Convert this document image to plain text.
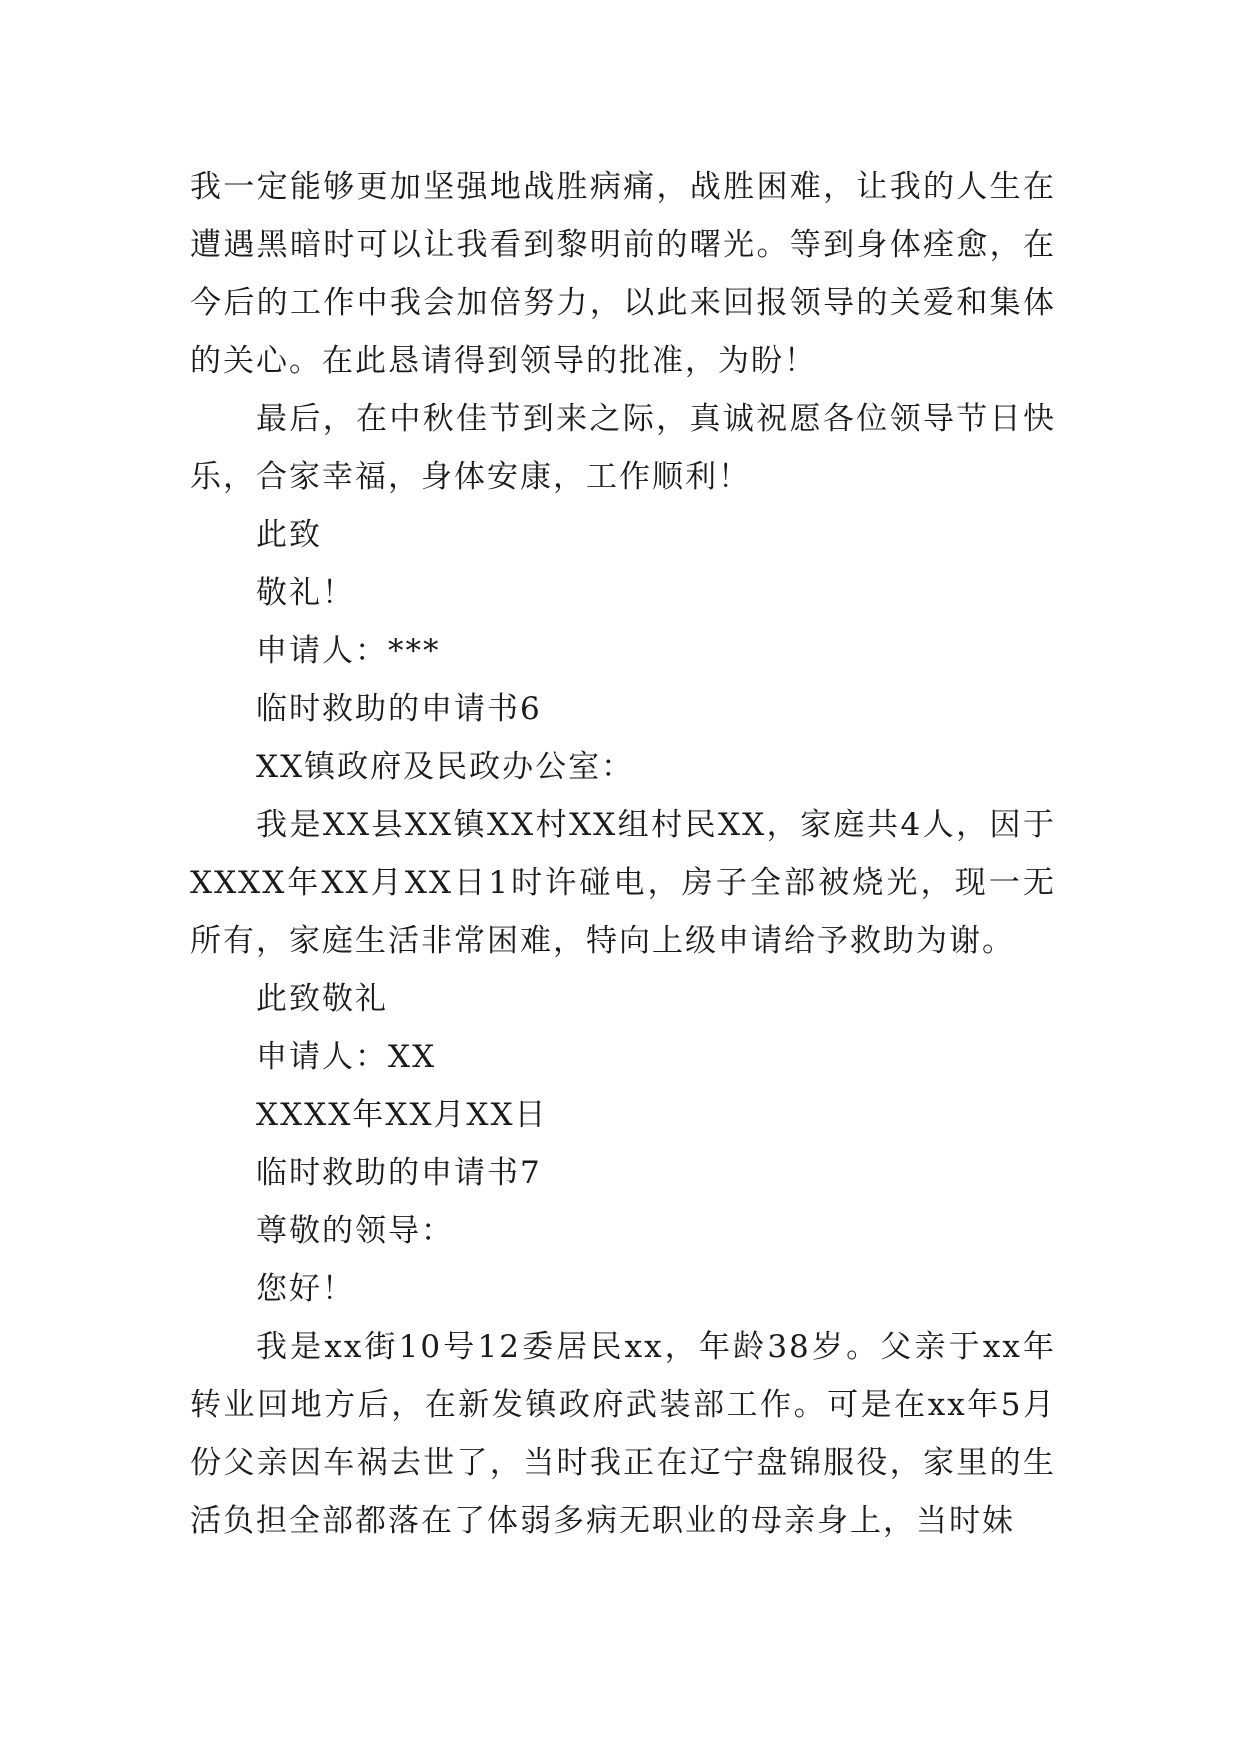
我一定能够更加坚强地战胜病痛，战胜困难，让我的人生在遭遇黑暗时可以让我看到黎明前的曙光。等到身体痊愈，在今后的工作中我会加倍努力，以此来回报领导的关爱和集体的关心。在此恳请得到领导的批准，为盼！

最后，在中秋佳节到来之际，真诚祝愿各位领导节日快乐，合家幸福，身体安康，工作顺利！

此致

敬礼！

申请人：***

临时救助的申请书6

XX镇政府及民政办公室：

我是XX县XX镇XX村XX组村民XX，家庭共4人，因于XXXX年XX月XX日1时许碰电，房子全部被烧光，现一无所有，家庭生活非常困难，特向上级申请给予救助为谢。

此致敬礼

申请人：XX

XXXX年XX月XX日

临时救助的申请书7

尊敬的领导：

您好！

我是xx街10号12委居民xx，年龄38岁。父亲于xx年转业回地方后，在新发镇政府武装部工作。可是在xx年5月份父亲因车祸去世了，当时我正在辽宁盘锦服役，家里的生活负担全部都落在了体弱多病无职业的母亲身上，当时妹
